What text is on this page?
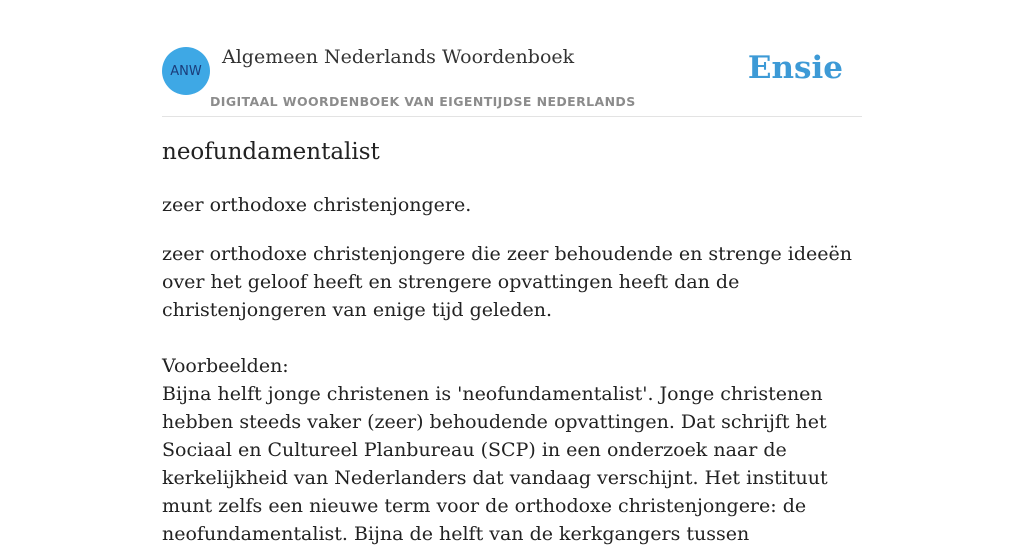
ANW
Algemeen Nederlands Woordenboek
DIGITAAL WOORDENBOEK VAN EIGENTIJDSE NEDERLANDS
Ensie
neofundamentalist
zeer orthodoxe christenjongere.

zeer orthodoxe christenjongere die zeer behoudende en strenge ideeën over het geloof heeft en strengere opvattingen heeft dan de christenjongeren van enige tijd geleden.

Voorbeelden:

Bijna helft jonge christenen is 'neofundamentalist'. Jonge christenen hebben steeds vaker (zeer) behoudende opvattingen. Dat schrijft het Sociaal en Cultureel Planbureau (SCP) in een onderzoek naar de kerkelijkheid van Nederlanders dat vandaag verschijnt. Het instituut munt zelfs een nieuwe term voor de orthodoxe christenjongere: de neofundamentalist. Bijna de helft van de kerkgangers tussen
